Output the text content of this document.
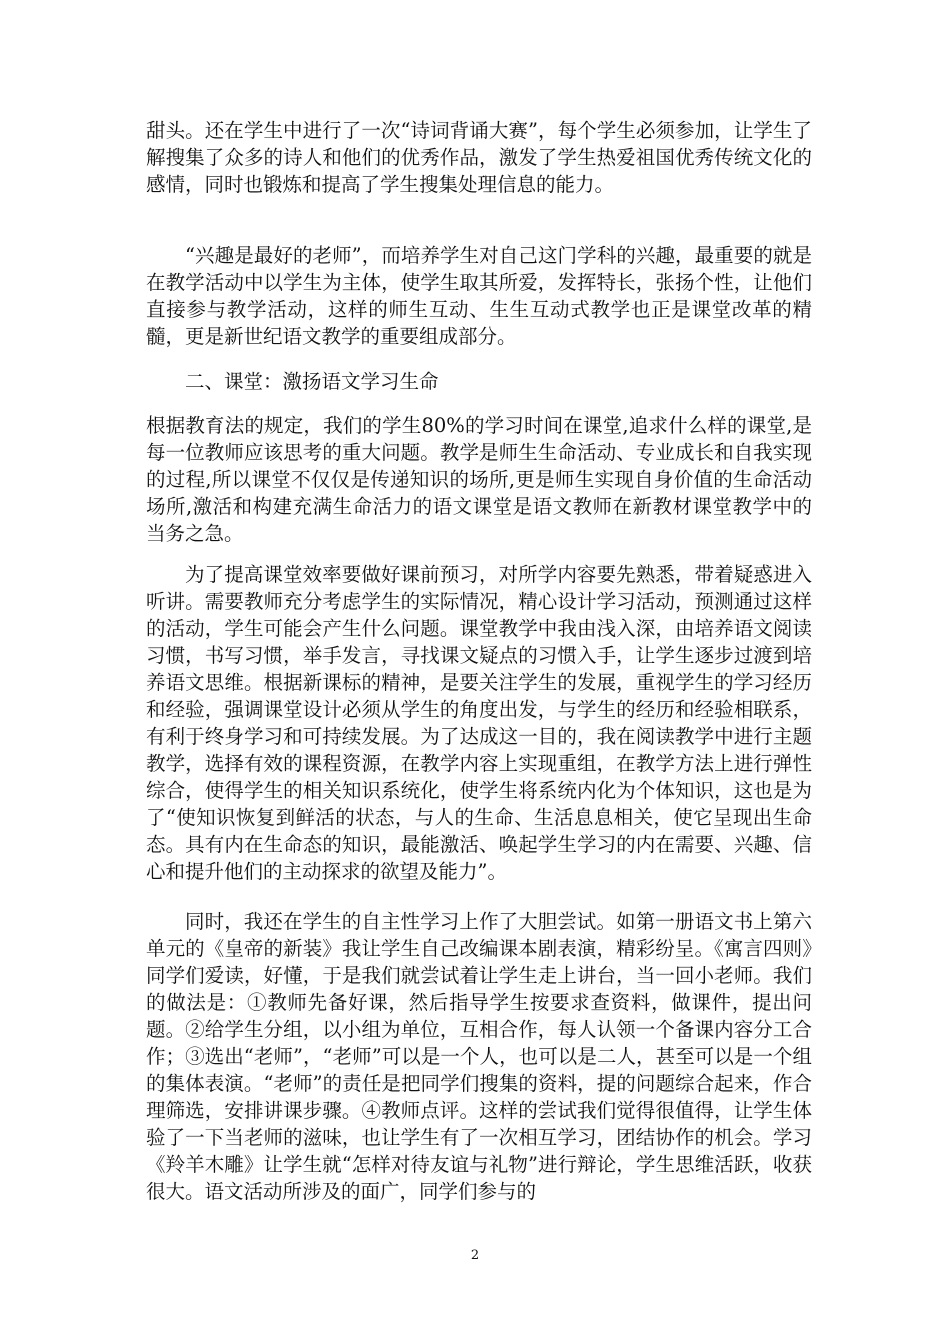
甜头。还在学生中进行了一次“诗词背诵大赛”，每个学生必须参加，让学生了解搜集了众多的诗人和他们的优秀作品，激发了学生热爱祖国优秀传统文化的感情，同时也锻炼和提高了学生搜集处理信息的能力。

“兴趣是最好的老师”，而培养学生对自己这门学科的兴趣，最重要的就是在教学活动中以学生为主体，使学生取其所爱，发挥特长，张扬个性，让他们直接参与教学活动，这样的师生互动、生生互动式教学也正是课堂改革的精髓，更是新世纪语文教学的重要组成部分。

二、课堂：激扬语文学习生命

根据教育法的规定，我们的学生80%的学习时间在课堂,追求什么样的课堂,是每一位教师应该思考的重大问题。教学是师生生命活动、专业成长和自我实现的过程,所以课堂不仅仅是传递知识的场所,更是师生实现自身价值的生命活动场所,激活和构建充满生命活力的语文课堂是语文教师在新教材课堂教学中的当务之急。

为了提高课堂效率要做好课前预习，对所学内容要先熟悉，带着疑惑进入听讲。需要教师充分考虑学生的实际情况，精心设计学习活动，预测通过这样的活动，学生可能会产生什么问题。课堂教学中我由浅入深，由培养语文阅读习惯，书写习惯，举手发言，寻找课文疑点的习惯入手，让学生逐步过渡到培养语文思维。根据新课标的精神，是要关注学生的发展，重视学生的学习经历和经验，强调课堂设计必须从学生的角度出发，与学生的经历和经验相联系，有利于终身学习和可持续发展。为了达成这一目的，我在阅读教学中进行主题教学，选择有效的课程资源，在教学内容上实现重组，在教学方法上进行弹性综合，使得学生的相关知识系统化，使学生将系统内化为个体知识，这也是为了“使知识恢复到鲜活的状态，与人的生命、生活息息相关，使它呈现出生命态。具有内在生命态的知识，最能激活、唤起学生学习的内在需要、兴趣、信心和提升他们的主动探求的欲望及能力”。

同时，我还在学生的自主性学习上作了大胆尝试。如第一册语文书上第六单元的《皇帝的新装》我让学生自己改编课本剧表演，精彩纷呈。《寓言四则》同学们爱读，好懂，于是我们就尝试着让学生走上讲台，当一回小老师。我们的做法是：①教师先备好课，然后指导学生按要求查资料，做课件，提出问题。②给学生分组，以小组为单位，互相合作，每人认领一个备课内容分工合作；③选出“老师”，“老师”可以是一个人，也可以是二人，甚至可以是一个组的集体表演。“老师”的责任是把同学们搜集的资料，提的问题综合起来，作合理筛选，安排讲课步骤。④教师点评。这样的尝试我们觉得很值得，让学生体验了一下当老师的滋味，也让学生有了一次相互学习，团结协作的机会。学习《羚羊木雕》让学生就“怎样对待友谊与礼物”进行辩论，学生思维活跃，收获很大。语文活动所涉及的面广，同学们参与的

2
